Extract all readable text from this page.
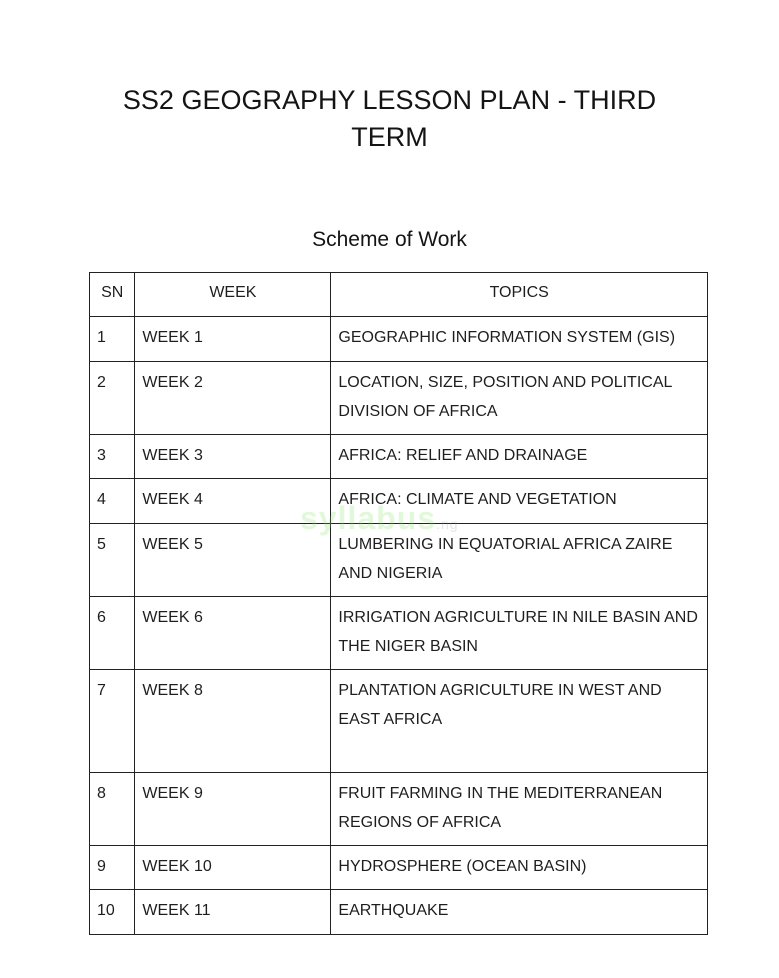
SS2 GEOGRAPHY LESSON PLAN - THIRD TERM
Scheme of Work
SN	WEEK	TOPICS
1	WEEK 1	GEOGRAPHIC INFORMATION SYSTEM (GIS)
2	WEEK 2	LOCATION, SIZE, POSITION AND POLITICAL DIVISION OF AFRICA
3	WEEK 3	AFRICA: RELIEF AND DRAINAGE
4	WEEK 4	AFRICA: CLIMATE AND VEGETATION
5	WEEK 5	LUMBERING IN EQUATORIAL AFRICA ZAIRE AND NIGERIA
6	WEEK 6	IRRIGATION AGRICULTURE IN NILE BASIN AND THE NIGER BASIN
7	WEEK 8	PLANTATION AGRICULTURE IN WEST AND EAST AFRICA
8	WEEK 9	FRUIT FARMING IN THE MEDITERRANEAN REGIONS OF AFRICA
9	WEEK 10	HYDROSPHERE (OCEAN BASIN)
10	WEEK 11	EARTHQUAKE
syllabus.ng
